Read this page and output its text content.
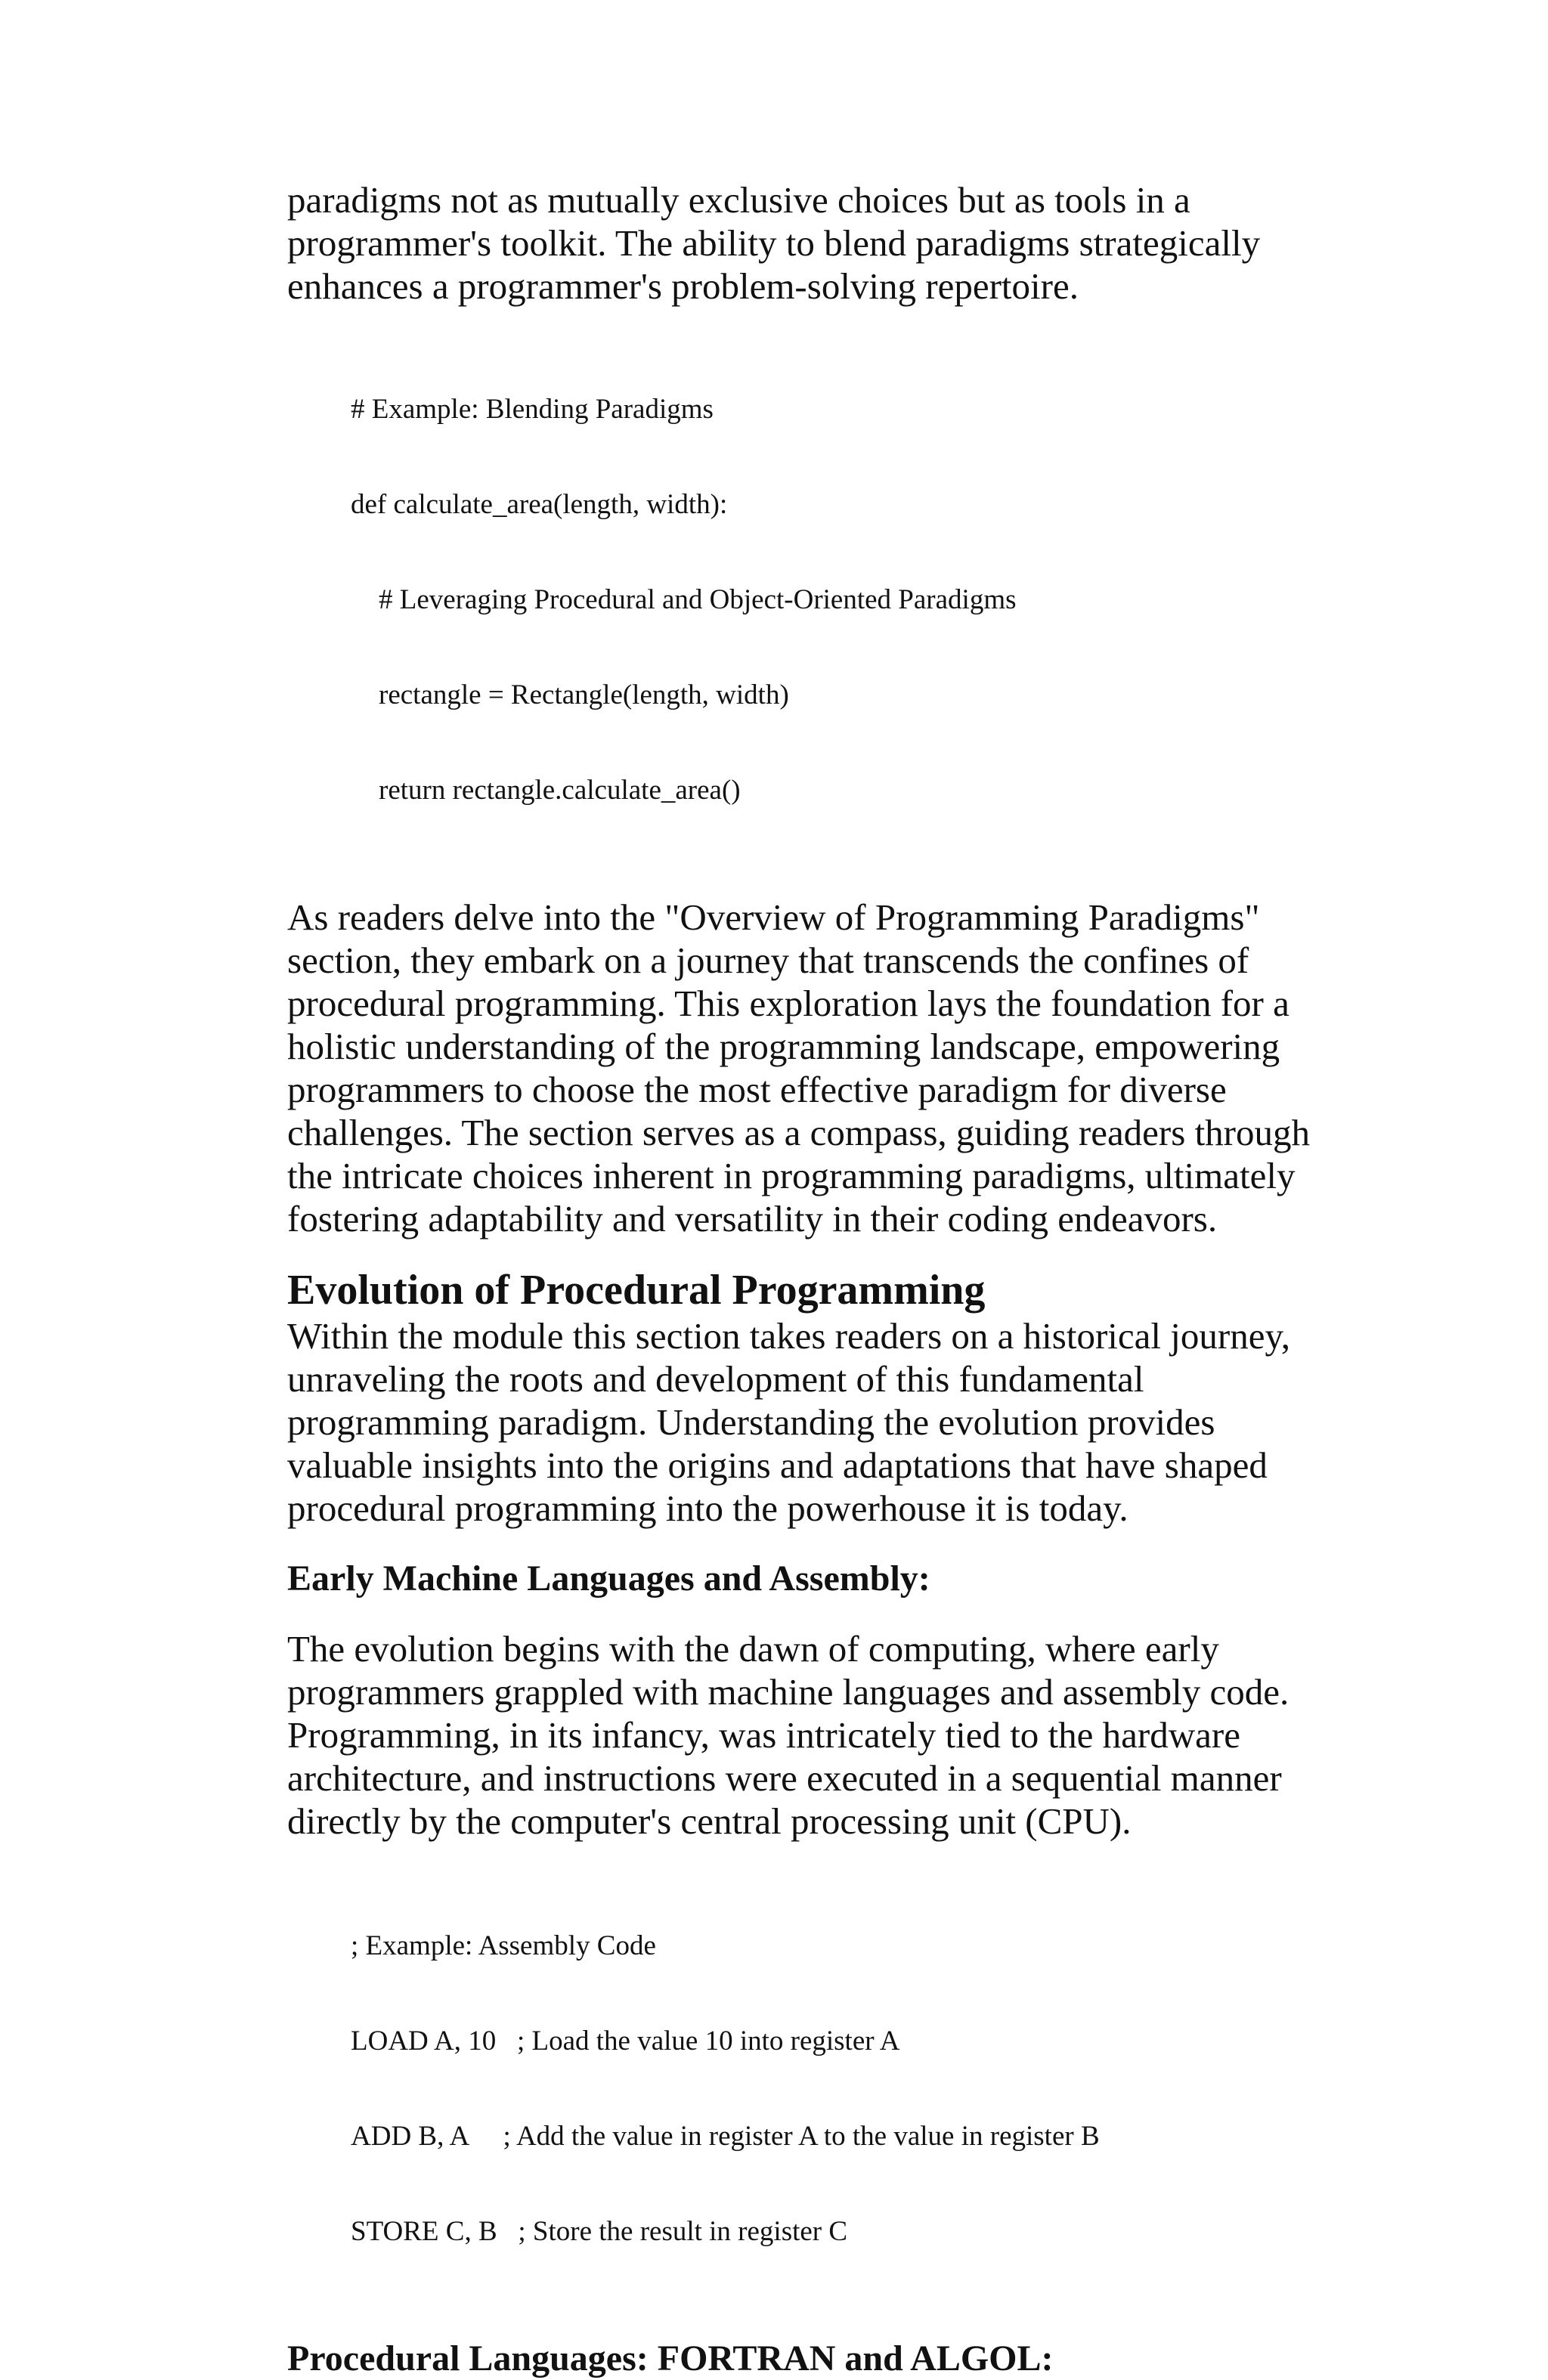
paradigms not as mutually exclusive choices but as tools in a
programmer's toolkit. The ability to blend paradigms strategically
enhances a programmer's problem-solving repertoire.

# Example: Blending Paradigms

def calculate_area(length, width):

# Leveraging Procedural and Object-Oriented Paradigms

rectangle = Rectangle(length, width)

return rectangle.calculate_area()

As readers delve into the "Overview of Programming Paradigms"
section, they embark on a journey that transcends the confines of
procedural programming. This exploration lays the foundation for a
holistic understanding of the programming landscape, empowering
programmers to choose the most effective paradigm for diverse
challenges. The section serves as a compass, guiding readers through
the intricate choices inherent in programming paradigms, ultimately
fostering adaptability and versatility in their coding endeavors.

Evolution of Procedural Programming

Within the module this section takes readers on a historical journey,
unraveling the roots and development of this fundamental
programming paradigm. Understanding the evolution provides
valuable insights into the origins and adaptations that have shaped
procedural programming into the powerhouse it is today.

Early Machine Languages and Assembly:

The evolution begins with the dawn of computing, where early
programmers grappled with machine languages and assembly code.
Programming, in its infancy, was intricately tied to the hardware
architecture, and instructions were executed in a sequential manner
directly by the computer's central processing unit (CPU).

; Example: Assembly Code

LOAD A, 10   ; Load the value 10 into register A

ADD B, A     ; Add the value in register A to the value in register B

STORE C, B   ; Store the result in register C

Procedural Languages: FORTRAN and ALGOL:
